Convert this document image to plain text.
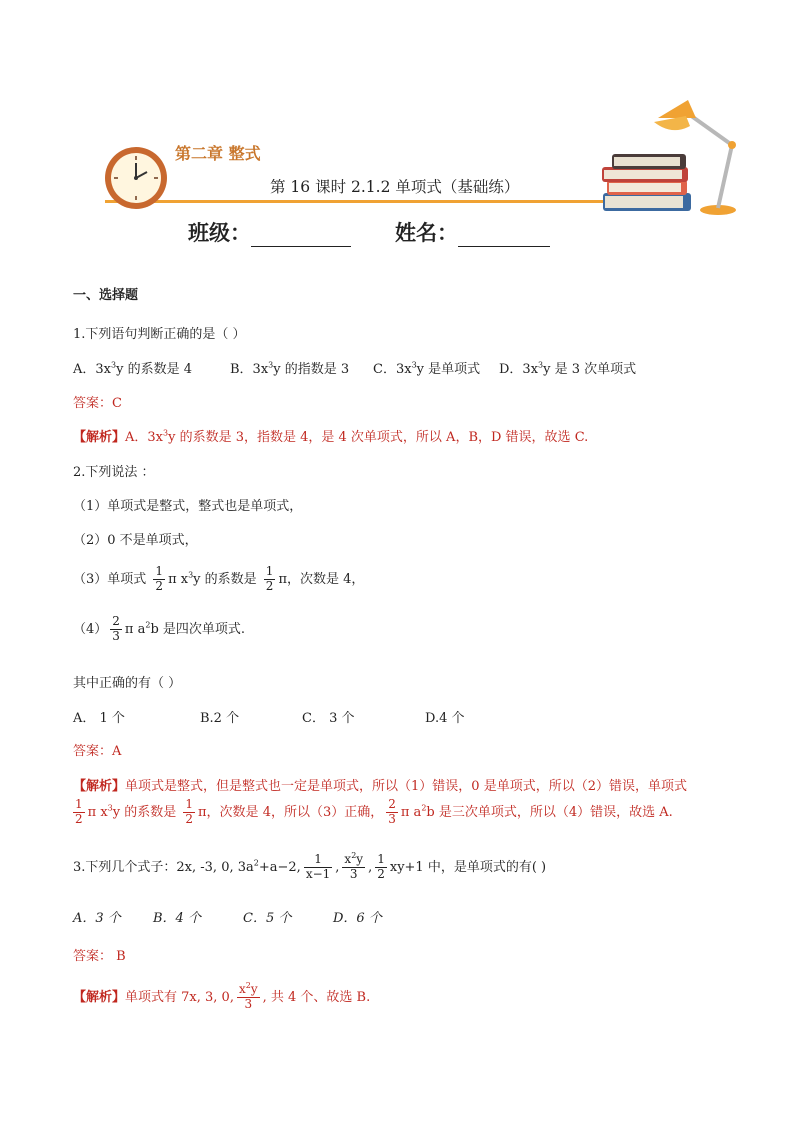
第二章 整式
第 16 课时 2.1.2 单项式（基础练）
班级：	姓名：
一、选择题
1.下列语句判断正确的是（ ）
A．$3x^3y$ 的系数是 4	B．$3x^3y$ 的指数是 3 C．$3x^3y$ 是单项式 D．$3x^3y$ 是 3 次单项式
答案：C
【解析】A．$3x^3y$ 的系数是 3，指数是 4，是 4 次单项式，所以 A，B，D 错误，故选 C.
2.下列说法 ：
（1）单项式是整式，整式也是单项式，
（2）0 不是单项式，
（3）单项式 $\frac{1}{2}$ π $x^3y$ 的系数是 $\frac{1}{2}$ π，次数是 4，
$(4) \frac{2}{3}$ π $a^2b$ 是四次单项式.
其中正确的有（ ）
A． 1 个	B.2 个	C． 3 个	D.4 个
答案：A
【解析】单项式是整式，但是整式也一定是单项式，所以（1）错误，0 是单项式，所以（2）错误，单项式
$\frac{1}{2}$ π $x^3y$ 的系数是 $\frac{1}{2}$ π，次数是 4，所以（3）正确， $\frac{2}{3}$ π $a^2b$ 是三次单项式，所以（4）错误，故选 A.
3.下列几个式子：2x, -3, 0, $3a^2+a-2$, $\frac{1}{x-1}$ , $\frac{x^2y}{3}$ , $\frac{1}{2} xy+1$ 中，是单项式的有( )
A．3 个 B．4 个	C．5 个	D．6 个
答案： B
【解析】单项式有 7x, 3, 0, $\frac{x^2y}{3}$ , 共 4 个、故选 B.
